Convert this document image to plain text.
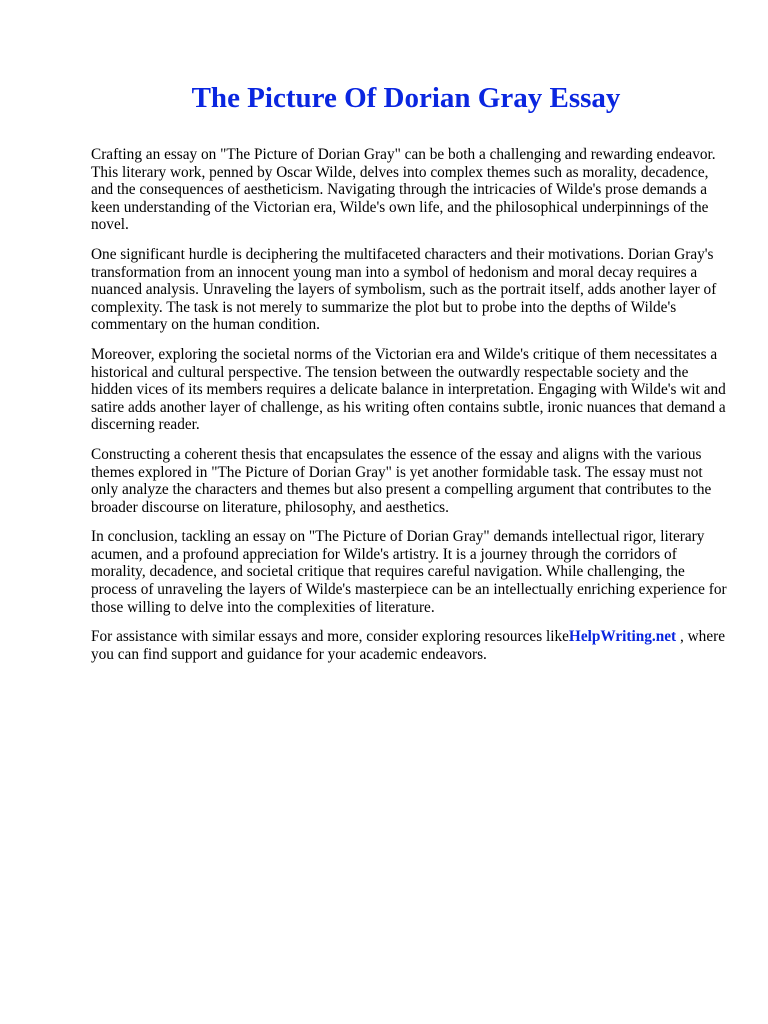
The Picture Of Dorian Gray Essay

Crafting an essay on "The Picture of Dorian Gray" can be both a challenging and rewarding endeavor. This literary work, penned by Oscar Wilde, delves into complex themes such as morality, decadence, and the consequences of aestheticism. Navigating through the intricacies of Wilde's prose demands a keen understanding of the Victorian era, Wilde's own life, and the philosophical underpinnings of the novel.

One significant hurdle is deciphering the multifaceted characters and their motivations. Dorian Gray's transformation from an innocent young man into a symbol of hedonism and moral decay requires a nuanced analysis. Unraveling the layers of symbolism, such as the portrait itself, adds another layer of complexity. The task is not merely to summarize the plot but to probe into the depths of Wilde's commentary on the human condition.

Moreover, exploring the societal norms of the Victorian era and Wilde's critique of them necessitates a historical and cultural perspective. The tension between the outwardly respectable society and the hidden vices of its members requires a delicate balance in interpretation. Engaging with Wilde's wit and satire adds another layer of challenge, as his writing often contains subtle, ironic nuances that demand a discerning reader.

Constructing a coherent thesis that encapsulates the essence of the essay and aligns with the various themes explored in "The Picture of Dorian Gray" is yet another formidable task. The essay must not only analyze the characters and themes but also present a compelling argument that contributes to the broader discourse on literature, philosophy, and aesthetics.

In conclusion, tackling an essay on "The Picture of Dorian Gray" demands intellectual rigor, literary acumen, and a profound appreciation for Wilde's artistry. It is a journey through the corridors of morality, decadence, and societal critique that requires careful navigation. While challenging, the process of unraveling the layers of Wilde's masterpiece can be an intellectually enriching experience for those willing to delve into the complexities of literature.

For assistance with similar essays and more, consider exploring resources likeHelpWriting.net , where you can find support and guidance for your academic endeavors.
